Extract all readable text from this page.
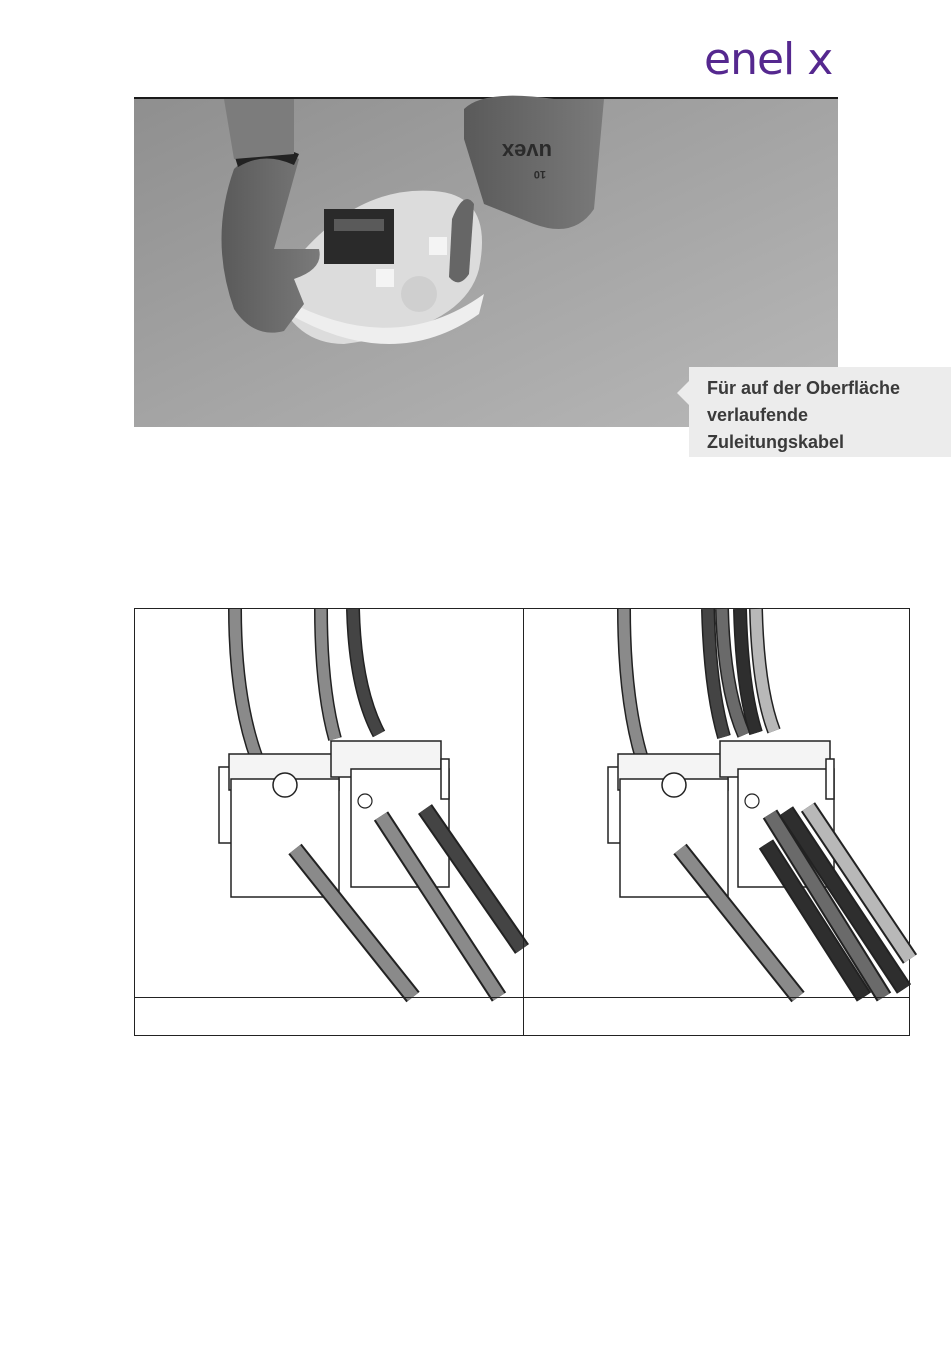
enel x
uvex
10
Für auf der Oberfläche
verlaufende
Zuleitungskabel
